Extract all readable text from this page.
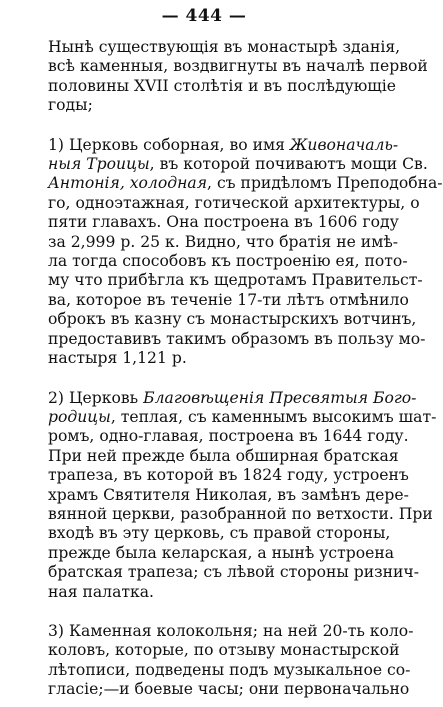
— 444 —

Нынѣ существующія въ монастырѣ зданія,
всѣ каменныя, воздвигнуты въ началѣ первой
половины XVII столѣтія и въ послѣдующіе
годы;

1) Церковь соборная, во имя Живоначаль-
ныя Троицы, въ которой почиваютъ мощи Св.
Антонія, холодная, съ придѣломъ Преподобна-
го, одноэтажная, готической архитектуры, о
пяти главахъ. Она построена въ 1606 году
за 2,999 р. 25 к. Видно, что братія не имѣ-
ла тогда способовъ къ построенію ея, пото-
му что прибѣгла къ щедротамъ Правительст-
ва, которое въ теченіе 17-ти лѣтъ отмѣнило
оброкъ въ казну съ монастырскихъ вотчинъ,
предоставивъ такимъ образомъ въ пользу мо-
настыря 1,121 р.

2) Церковь Благовѣщенія Пресвятыя Бого-
родицы, теплая, съ каменнымъ высокимъ шат-
ромъ, одно-главая, построена въ 1644 году.
При ней прежде была обширная братская
трапеза, въ которой въ 1824 году, устроенъ
храмъ Святителя Николая, въ замѣнъ дере-
вянной церкви, разобранной по ветхости. При
входѣ въ эту церковь, съ правой стороны,
прежде была келарская, а нынѣ устроена
братская трапеза; съ лѣвой стороны ризнич-
ная палатка.

3) Каменная колокольня; на ней 20-ть коло-
коловъ, которые, по отзыву монастырской
лѣтописи, подведены подъ музыкальное со-
гласіе;—и боевые часы; они первоначально
